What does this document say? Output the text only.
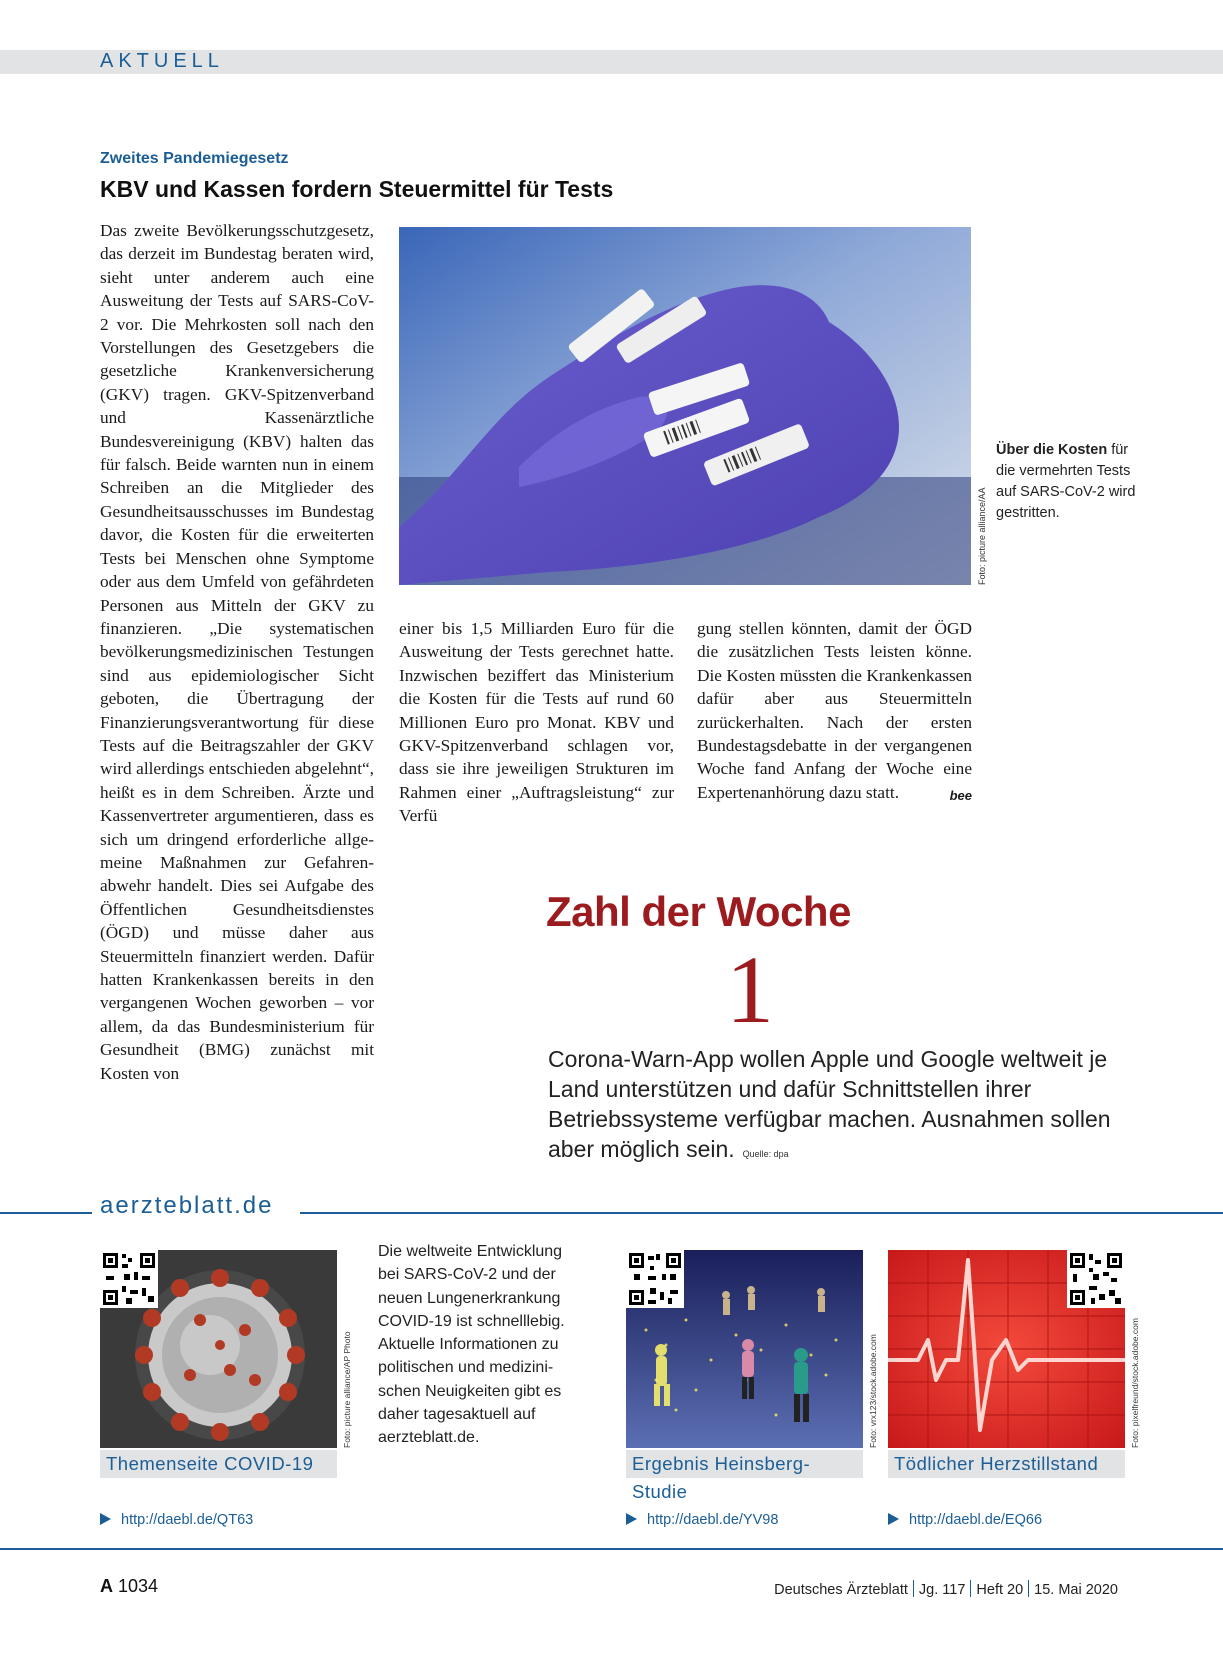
AKTUELL
Zweites Pandemiegesetz
KBV und Kassen fordern Steuermittel für Tests
Das zweite Bevölkerungsschutzgesetz, das derzeit im Bundestag beraten wird, sieht unter anderem auch eine Ausweitung der Tests auf SARS-CoV-2 vor. Die Mehrkosten soll nach den Vorstellungen des Gesetzgebers die gesetzliche Krankenversicherung (GKV) tragen. GKV-Spitzenverband und Kassenärztliche Bundesvereinigung (KBV) halten das für falsch. Beide warnten nun in einem Schreiben an die Mitglieder des Gesundheitsausschusses im Bundestag davor, die Kosten für die erweiterten Tests bei Menschen ohne Symptome oder aus dem Umfeld von gefährdeten Personen aus Mitteln der GKV zu finanzieren. „Die systematischen bevölkerungsmedizinischen Testungen sind aus epidemiologischer Sicht geboten, die Übertragung der Finanzierungsverantwortung für diese Tests auf die Beitragszahler der GKV wird allerdings entschieden abgelehnt“, heißt es in dem Schreiben. Ärzte und Kassenvertreter argumentieren, dass es sich um dringend erforderliche allgemeine Maßnahmen zur Gefahrenabwehr handelt. Dies sei Aufgabe des Öffentlichen Gesundheitsdienstes (ÖGD) und müsse daher aus Steuermitteln finanziert werden. Dafür hatten Krankenkassen bereits in den vergangenen Wochen geworben – vor allem, da das Bundesministerium für Gesundheit (BMG) zunächst mit Kosten von
Foto: picture alliance/AA
Über die Kosten für die vermehrten Tests auf SARS-CoV-2 wird gestritten.
einer bis 1,5 Milliarden Euro für die Ausweitung der Tests gerechnet hatte. Inzwischen beziffert das Ministerium die Kosten für die Tests auf rund 60 Millionen Euro pro Monat. KBV und GKV-Spitzenverband schlagen vor, dass sie ihre jeweiligen Strukturen im Rahmen einer „Auftragsleistung“ zur Verfü
gung stellen könnten, damit der ÖGD die zusätzlichen Tests leisten könne. Die Kosten müssten die Krankenkassen dafür aber aus Steuermitteln zurückerhalten. Nach der ersten Bundestagsdebatte in der vergangenen Woche fand Anfang der Woche eine Expertenanhörung dazu statt.	bee
Zahl der Woche
1
Corona-Warn-App wollen Apple und Google weltweit je Land unterstützen und dafür Schnittstellen ihrer Betriebssysteme verfügbar machen. Ausnahmen sollen aber möglich sein. Quelle: dpa
aerzteblatt.de
Foto: picture alliance/AP Photo
Themenseite COVID-19
http://daebl.de/QT63
Die weltweite Entwicklung bei SARS-CoV-2 und der neuen Lungenerkrankung COVID-19 ist schnelllebig. Aktuelle Informationen zu politischen und medizinischen Neuigkeiten gibt es daher tagesaktuell auf aerzteblatt.de.	Foto: vrx123/stock.adobe.com
Ergebnis Heinsberg-Studie
http://daebl.de/YV98
Foto: pixelfreund/stock.adobe.com
Tödlicher Herzstillstand
http://daebl.de/EQ66
A 1034	Deutsches Ärzteblatt Jg. 117 Heft 20 15. Mai 2020
